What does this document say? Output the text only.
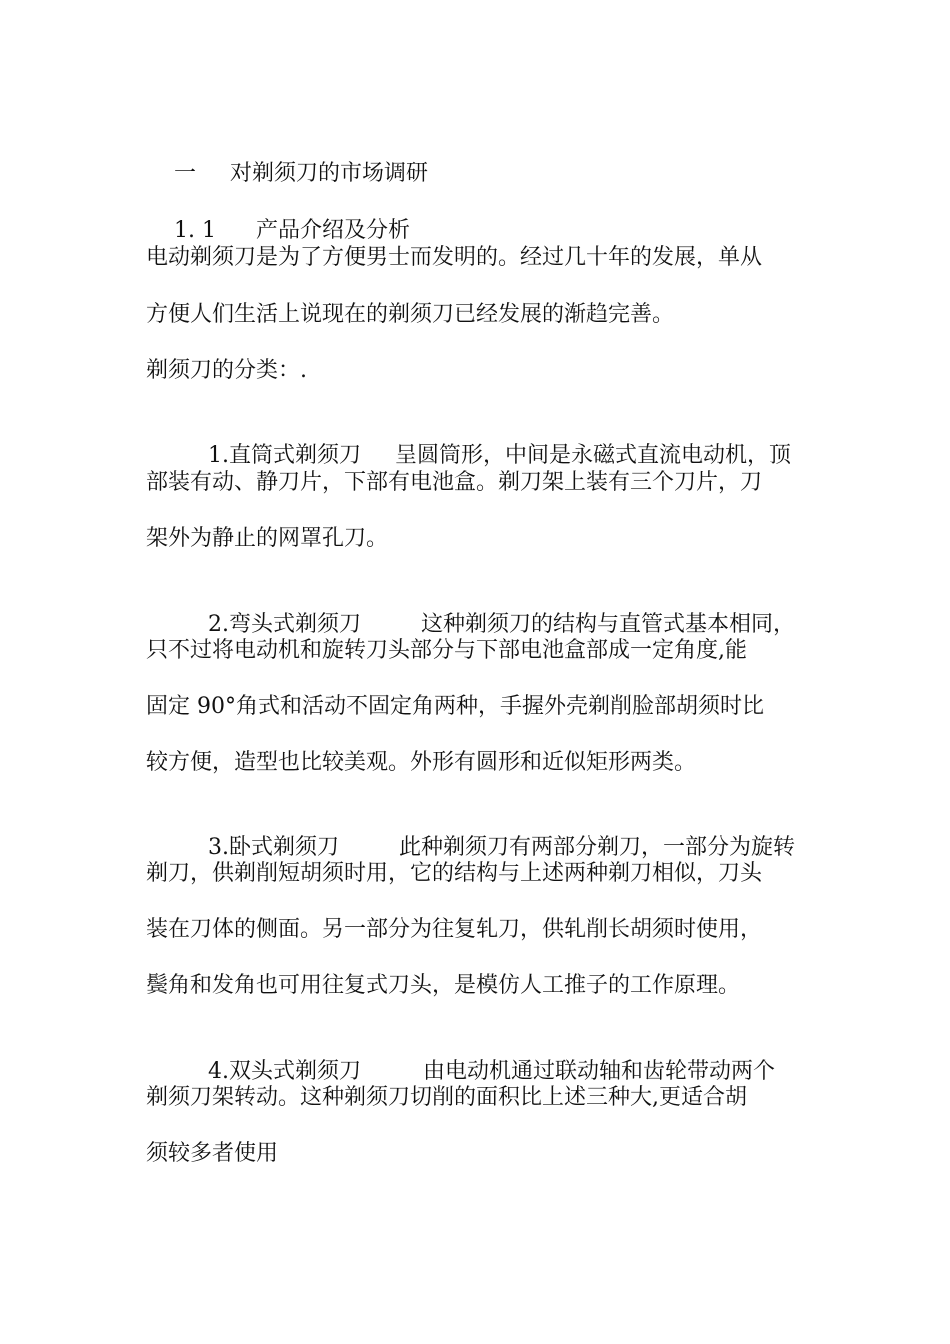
一 对剃须刀的市场调研

1. 1 产品介绍及分析

电动剃须刀是为了方便男士而发明的。经过几十年的发展，单从
方便人们生活上说现在的剃须刀已经发展的渐趋完善。
剃须刀的分类：.

1.直筒式剃须刀 呈圆筒形，中间是永磁式直流电动机，顶

部装有动、静刀片，下部有电池盒。剃刀架上装有三个刀片，刀
架外为静止的网罩孔刀。

2.弯头式剃须刀	这种剃须刀的结构与直管式基本相同，

只不过将电动机和旋转刀头部分与下部电池盒部成一定角度,能
固定 90°角式和活动不固定角两种，手握外壳剃削脸部胡须时比
较方便，造型也比较美观。外形有圆形和近似矩形两类。

3.卧式剃须刀	此种剃须刀有两部分剃刀，一部分为旋转

剃刀，供剃削短胡须时用，它的结构与上述两种剃刀相似，刀头
装在刀体的侧面。另一部分为往复轧刀，供轧削长胡须时使用，
鬓角和发角也可用往复式刀头，是模仿人工推子的工作原理。

4.双头式剃须刀	由电动机通过联动轴和齿轮带动两个

剃须刀架转动。这种剃须刀切削的面积比上述三种大,更适合胡
须较多者使用
